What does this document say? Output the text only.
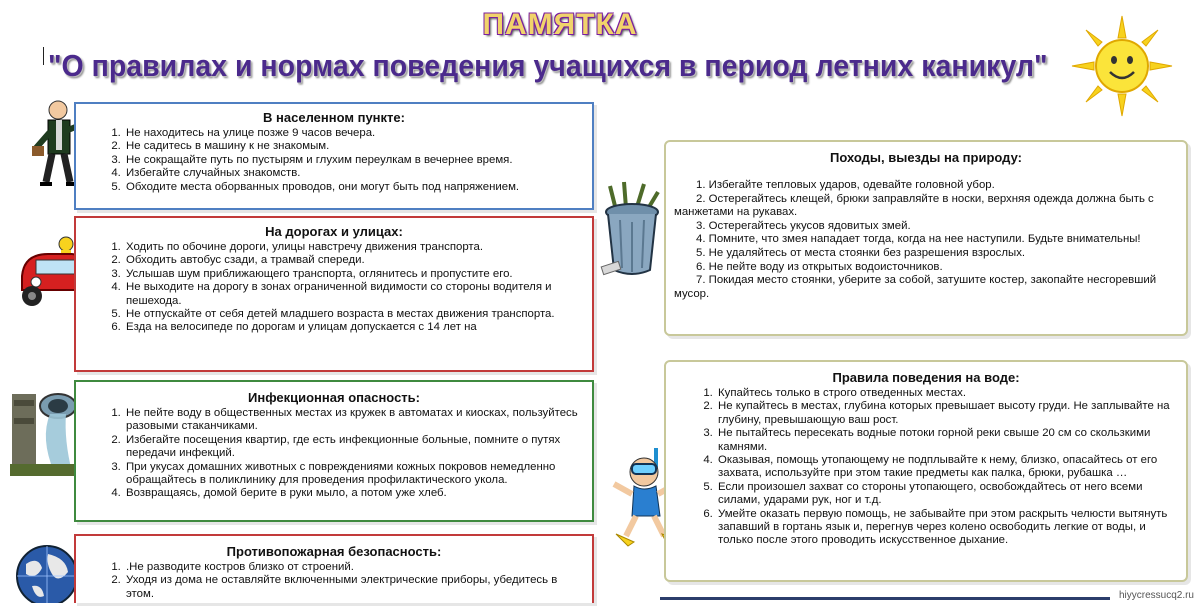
ПАМЯТКА
"О правилах и нормах поведения учащихся в период летних каникул"
В населенном пункте:
1. Не находитесь на улице позже 9 часов вечера.
2. Не садитесь в машину к не знакомым.
3. Не сокращайте путь по пустырям и глухим переулкам в вечернее время.
4. Избегайте случайных знакомств.
5. Обходите места оборванных проводов, они могут быть под напряжением.
На дорогах и улицах:
1. Ходить по обочине дороги, улицы навстречу движения транспорта.
2. Обходить автобус сзади, а трамвай спереди.
3. Услышав шум приближающего транспорта, оглянитесь и пропустите его.
4. Не выходите на дорогу в зонах ограниченной видимости со стороны водителя и пешехода.
5. Не отпускайте от себя детей младшего возраста в местах движения транспорта.
6. Езда на велосипеде по дорогам и улицам допускается с 14 лет на
Инфекционная опасность:
1. Не пейте воду в общественных местах из кружек в автоматах и киосках, пользуйтесь разовыми стаканчиками.
2. Избегайте посещения квартир, где есть инфекционные больные, помните о путях передачи инфекций.
3. При укусах домашних животных с повреждениями кожных покровов немедленно обращайтесь в поликлинику для проведения профилактического укола.
4. Возвращаясь, домой берите в руки мыло, а потом уже хлеб.
Противопожарная безопасность:
1. .Не разводите костров близко от строений.
2. Уходя из дома не оставляйте включенными электрические приборы, убедитесь в этом.
Походы, выезды на природу:

1. Избегайте тепловых ударов, одевайте головной убор.

2. Остерегайтесь клещей, брюки заправляйте в носки, верхняя одежда должна быть с манжетами на рукавах.

3. Остерегайтесь укусов ядовитых змей.

4. Помните, что змея нападает тогда, когда на нее наступили. Будьте внимательны!

5. Не удаляйтесь от места стоянки без разрешения взрослых.

6. Не пейте воду из открытых водоисточников.

7. Покидая место стоянки, уберите за собой, затушите костер, закопайте несгоревший мусор.

Правила поведения на воде:
1. Купайтесь только в строго отведенных местах.
2. Не купайтесь в местах, глубина которых превышает высоту груди. Не заплывайте на глубину, превышающую ваш рост.
3. Не пытайтесь пересекать водные потоки горной реки свыше 20 см со скользкими камнями.
4. Оказывая, помощь утопающему не подплывайте к нему, близко, опасайтесь от его захвата, используйте при этом такие предметы как палка, брюки, рубашка …
5. Если произошел захват со стороны утопающего, освобождайтесь от него всеми силами, ударами рук, ног и т.д.
6. Умейте оказать первую помощь, не забывайте при этом раскрыть челюсти вытянуть запавший в гортань язык и, перегнув через колено освободить легкие от воды, и только после этого проводить искусственное дыхание.
hiyycressucq2.ru
